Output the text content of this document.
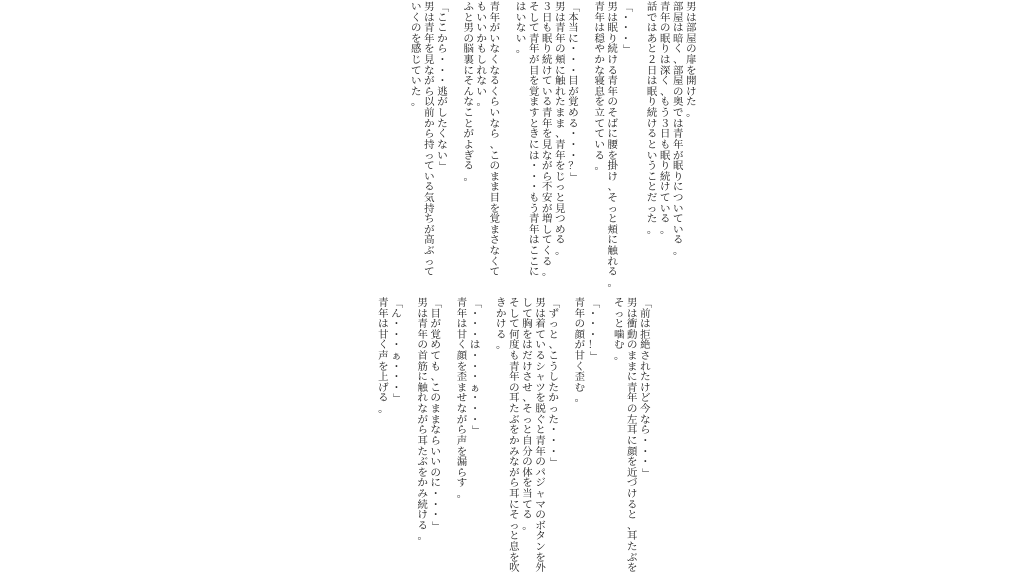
男
は
部
屋
の
扉
を
開
け
た
。
部
屋
は
暗
く
、
部
屋
の
奥
で
は
青
年
が
眠
り
に
つ
い
て
い
る
。
青
年
の
眠
り
は
深
く
、
も
う
３
日
も
眠
り
続
け
て
い
る
。
話
で
は
あ
と
２
日
は
眠
り
続
け
る
と
い
う
こ
と
だ
っ
た
。
「
・
・
・
」
男
は
眠
り
続
け
る
青
年
の
そ
ば
に
腰
を
掛
け
、
そ
っ
と
頬
に
触
れ
る
。
青
年
は
穏
や
か
な
寝
息
を
立
て
て
い
る
。
「
本
当
に
・
・
・
目
が
覚
め
る
・
・
・
？
」
男
は
青
年
の
頬
に
触
れ
た
ま
ま
、
青
年
を
じ
っ
と
見
つ
め
る
。
３
日
も
眠
り
続
け
て
い
る
青
年
を
見
な
が
ら
不
安
が
増
し
て
く
る
。
そ
し
て
青
年
が
目
を
覚
ま
す
と
き
に
は
・
・
・
も
う
青
年
は
こ
こ
に
は
い
な
い
。
青
年
が
い
な
く
な
る
く
ら
い
な
ら
、
こ
の
ま
ま
目
を
覚
ま
さ
な
く
て
も
い
い
か
も
し
れ
な
い
。
ふ
と
男
の
脳
裏
に
そ
ん
な
こ
と
が
よ
ぎ
る
。
「
こ
こ
か
ら
・
・
・
逃
が
し
た
く
な
い
」
男
は
青
年
を
見
な
が
ら
以
前
か
ら
持
っ
て
い
る
気
持
ち
が
高
ぶ
っ
て
い
く
の
を
感
じ
て
い
た
。
「
前
は
拒
絶
さ
れ
た
け
ど
今
な
ら
・
・
・
」
男
は
衝
動
の
ま
ま
に
青
年
の
左
耳
に
顔
を
近
づ
け
る
と
、
耳
た
ぶ
を
そ
っ
と
噛
む
。
「
・
・
・
！
」
青
年
の
顔
が
甘
く
歪
む
。
「
ず
っ
と
、
こ
う
し
た
か
っ
た
・
・
・
」
男
は
着
て
い
る
シ
ャ
ツ
を
脱
ぐ
と
青
年
の
パ
ジ
ャ
マ
の
ボ
タ
ン
を
外
し
て
胸
を
は
だ
け
さ
せ
、
そ
っ
と
自
分
の
体
を
当
て
る
。
そ
し
て
何
度
も
青
年
の
耳
た
ぶ
を
か
み
な
が
ら
耳
に
そ
っ
と
息
を
吹
き
か
け
る
。
「
・
・
・
は
・
・
・
ぁ
・
・
・
」
青
年
は
甘
く
顔
を
歪
ま
せ
な
が
ら
声
を
漏
ら
す
。
「
目
が
覚
め
て
も
、
こ
の
ま
ま
な
ら
い
い
の
に
・
・
・
」
男
は
青
年
の
首
筋
に
触
れ
な
が
ら
耳
た
ぶ
を
か
み
続
け
る
。
「
ん
・
・
・
ぁ
・
・
・
」
青
年
は
甘
く
声
を
上
げ
る
。
